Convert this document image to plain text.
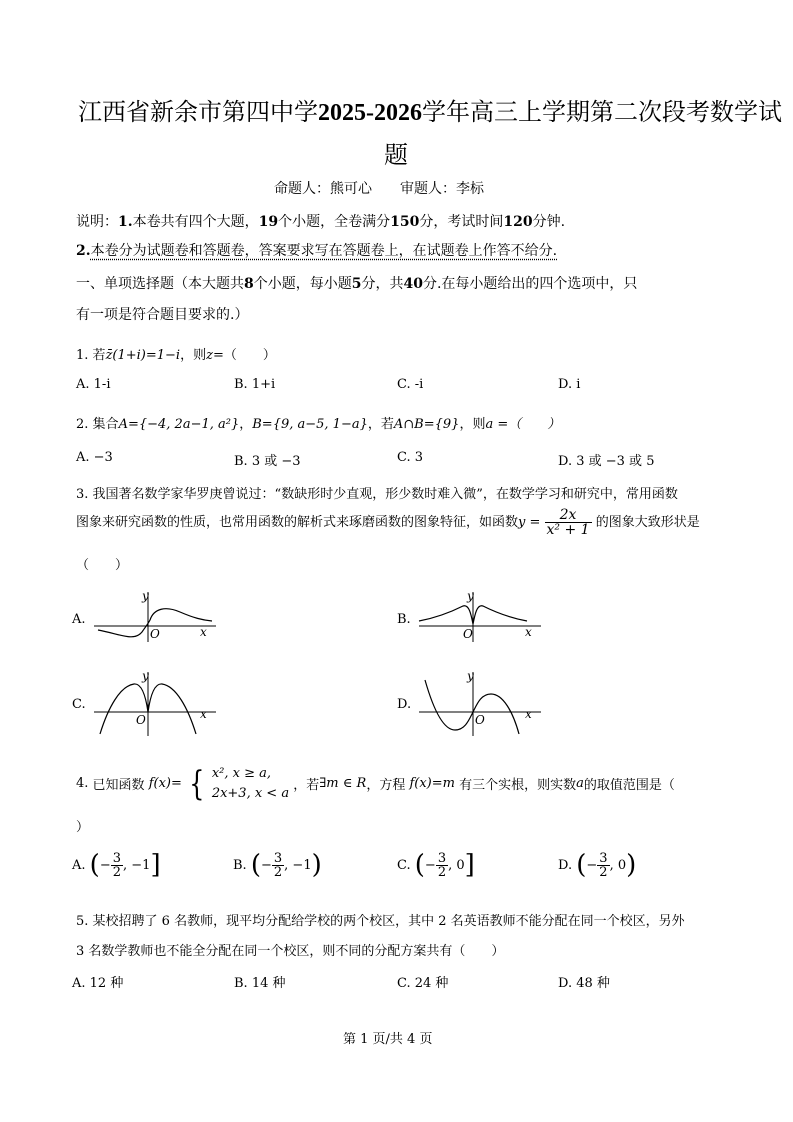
江西省新余市第四中学2025-2026学年高三上学期第二次段考数学试
题
命题人：熊可心　　审题人：李标
说明：1.本卷共有四个大题，19个小题，全卷满分150分，考试时间120分钟.
2.本卷分为试题卷和答题卷，答案要求写在答题卷上，在试题卷上作答不给分.
一、单项选择题（本大题共8个小题，每小题5分，共40分.在每小题给出的四个选项中，只
有一项是符合题目要求的.）
1. 若z̄(1+i)=1−i，则z=（　　）
A. 1-i	B. 1+i	C. -i	D. i
2. 集合A={−4, 2a−1, a²}，B={9, a−5, 1−a}，若A∩B={9}，则a =（　　）
A. −3	B. 3 或 −3	C. 3	D. 3 或 −3 或 5
3. 我国著名数学家华罗庚曾说过：“数缺形时少直观，形少数时难入微”，在数学学习和研究中，常用函数
图象来研究函数的性质，也常用函数的解析式来琢磨函数的图象特征，如函数$y = \frac{2x}{\text{x² + 1}}$ 的图象大致形状是
（　　）
A.	B.
C.	D.
y
x
O
y
x
O
y
x
O
y
x
O
4. 已知函数 f(x)= { x², x ≥ a,
2x+3, x < a ，若∃m ∈ R，方程 f(x)=m 有三个实根，则实数a的取值范围是（
）
A. (− $\frac{3}{2}$ , −1]	B. (− $\frac{3}{2}$ , −1)	C. (− $\frac{3}{2}$ , 0]	D. (− $\frac{3}{2}$ , 0)
5. 某校招聘了 6 名教师，现平均分配给学校的两个校区，其中 2 名英语教师不能分配在同一个校区，另外
3 名数学教师也不能全分配在同一个校区，则不同的分配方案共有（　　）
A. 12 种	B. 14 种	C. 24 种	D. 48 种
第 1 页/共 4 页
